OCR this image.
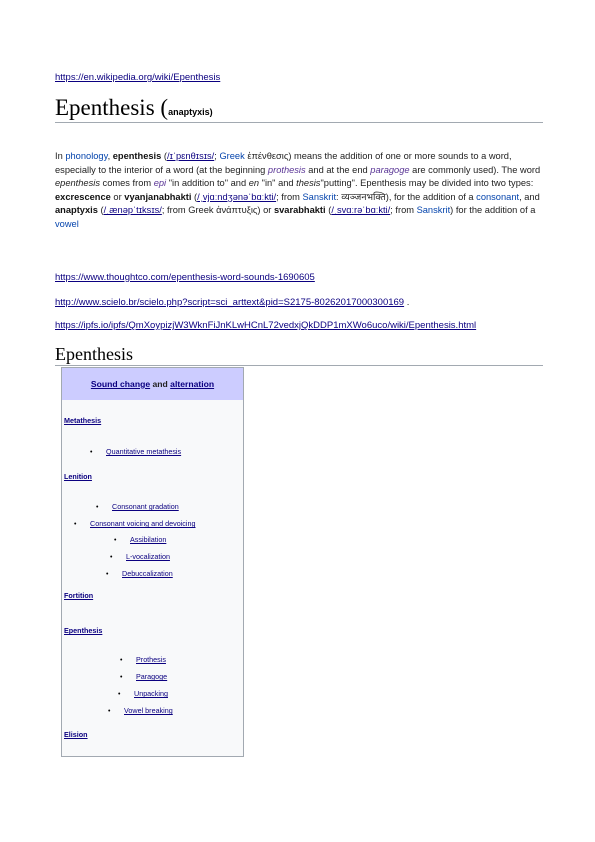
https://en.wikipedia.org/wiki/Epenthesis
Epenthesis (anaptyxis)
In phonology, epenthesis (/ɪˈpɛnθɪsɪs/; Greek ἐπένθεσις) means the addition of one or more sounds to a word, especially to the interior of a word (at the beginning prothesis and at the end paragoge are commonly used). The word epenthesis comes from epi "in addition to" and en "in" and thesis"putting". Epenthesis may be divided into two types: excrescence or vyanjanabhakti (/ˌvjɑːndʒənəˈbɑːkti/; from Sanskrit: व्यञ्जनभक्ति), for the addition of a consonant, and anaptyxis (/ˌænəpˈtɪksɪs/; from Greek ἀνάπτυξις) or svarabhakti (/ˌsvɑːrəˈbɑːkti/; from Sanskrit) for the addition of a vowel
https://www.thoughtco.com/epenthesis-word-sounds-1690605
http://www.scielo.br/scielo.php?script=sci_arttext&pid=S2175-80262017000300169 .
https://ipfs.io/ipfs/QmXoypizjW3WknFiJnKLwHCnL72vedxjQkDDP1mXWo6uco/wiki/Epenthesis.html
Epenthesis
Sound change and alternation
Metathesis
• Quantitative metathesis
Lenition
• Consonant gradation
• Consonant voicing and devoicing
• Assibilation
• L-vocalization
• Debuccalization
Fortition
Epenthesis
• Prothesis
• Paragoge
• Unpacking
• Vowel breaking
Elision
